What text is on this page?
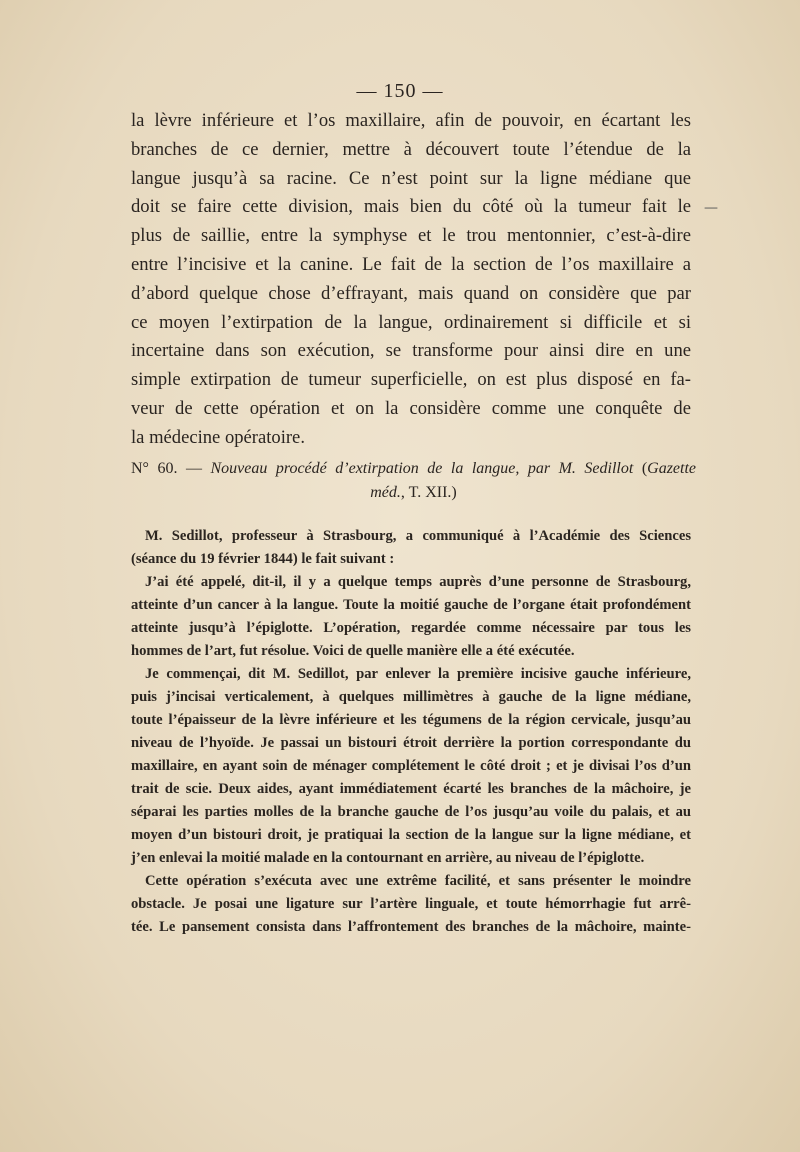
— 150 —
—
la lèvre inférieure et l’os maxillaire, afin de pouvoir, en écartant les
branches de ce dernier, mettre à découvert toute l’étendue de la
langue jusqu’à sa racine. Ce n’est point sur la ligne médiane que
doit se faire cette division, mais bien du côté où la tumeur fait le
plus de saillie, entre la symphyse et le trou mentonnier, c’est-à-dire
entre l’incisive et la canine. Le fait de la section de l’os maxillaire a
d’abord quelque chose d’effrayant, mais quand on considère que par
ce moyen l’extirpation de la langue, ordinairement si difficile et si
incertaine dans son exécution, se transforme pour ainsi dire en une
simple extirpation de tumeur superficielle, on est plus disposé en fa-
veur de cette opération et on la considère comme une conquête de
la médecine opératoire.
N° 60. — Nouveau procédé d’extirpation de la langue, par M. Sedillot (Gazette
méd., T. XII.)
M. Sedillot, professeur à Strasbourg, a communiqué à l’Académie des Sciences
(séance du 19 février 1844) le fait suivant :
J’ai été appelé, dit-il, il y a quelque temps auprès d’une personne de Strasbourg,
atteinte d’un cancer à la langue. Toute la moitié gauche de l’organe était profondément
atteinte jusqu’à l’épiglotte. L’opération, regardée comme nécessaire par tous les
hommes de l’art, fut résolue. Voici de quelle manière elle a été exécutée.
Je commençai, dit M. Sedillot, par enlever la première incisive gauche inférieure,
puis j’incisai verticalement, à quelques millimètres à gauche de la ligne médiane,
toute l’épaisseur de la lèvre inférieure et les tégumens de la région cervicale, jusqu’au
niveau de l’hyoïde. Je passai un bistouri étroit derrière la portion correspondante du
maxillaire, en ayant soin de ménager complétement le côté droit ; et je divisai l’os d’un
trait de scie. Deux aides, ayant immédiatement écarté les branches de la mâchoire, je
séparai les parties molles de la branche gauche de l’os jusqu’au voile du palais, et au
moyen d’un bistouri droit, je pratiquai la section de la langue sur la ligne médiane, et
j’en enlevai la moitié malade en la contournant en arrière, au niveau de l’épiglotte.
Cette opération s’exécuta avec une extrême facilité, et sans présenter le moindre
obstacle. Je posai une ligature sur l’artère linguale, et toute hémorrhagie fut arrê-
tée. Le pansement consista dans l’affrontement des branches de la mâchoire, mainte-
